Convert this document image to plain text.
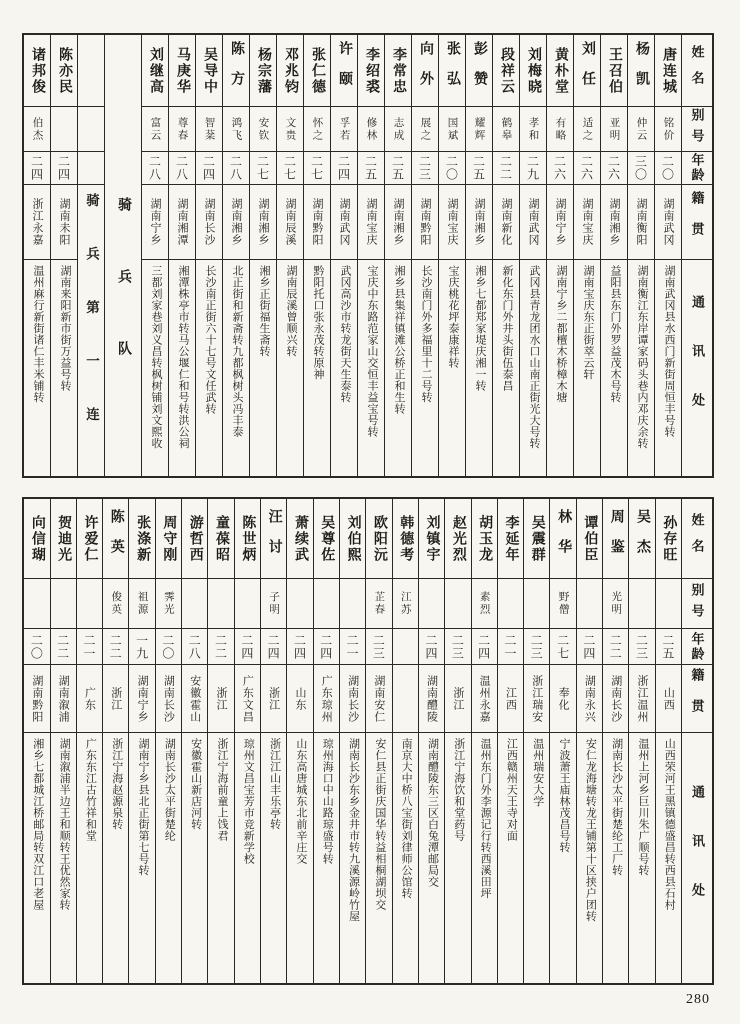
姓名
别号
年龄
籍贯
通讯处
唐连城
铭价
二〇
湖南武冈
湖南武冈县水西门新街周恒丰号转
杨凯
仲云
三〇
湖南衡阳
湖南衡江东岸谭家码头巷内邓庆余转
王召伯
亚明
二六
湖南湘乡
益阳县东门外罗益茂木号转
刘任
适之
二六
湖南宝庆
湖南宝庆东正街萃云轩
黄朴堂
有略
二六
湖南宁乡
湖南宁乡二都檀木桥樟木塘
刘梅晓
孝和
二九
湖南武冈
武冈县青龙团水口山南正街光大号转
段祥云
鹤皋
二二
湖南新化
新化东门外井头街伍泰昌
彭赞
耀辉
二五
湖南湘乡
湘乡七都郑家堤庆湘一转
张弘
国斌
二〇
湖南宝庆
宝庆桃花坪泰康祥转
向外
展之
二三
湖南黔阳
长沙南门外多福里十二号转
李常忠
志成
二五
湖南湘乡
湘乡县集祥镇滩公桥正和生转
李绍裘
修林
二五
湖南宝庆
宝庆中东路范家山交恒丰益宝号转
许颐
孚若
二四
湖南武冈
武冈高沙市转龙街天生泰转
张仁德
怀之
二七
湖南黔阳
黔阳托口张永茂转原神
邓兆钧
文贵
二七
湖南辰溪
湖南辰溪曾顺兴转
杨宗藩
安钦
二七
湖南湘乡
湘乡正街福生斋转
陈方
鸿飞
二八
湖南湘乡
北正街和新斋转九都枫树头冯丰泰
吴导中
智棻
二四
湖南长沙
长沙南正街六十七号文任武转
马庚华
尊春
二八
湖南湘潭
湘潭株亭市转马公堰仁和号转洪公祠
刘继高
富云
二八
湖南宁乡
三都刘家巷刘义昌转枫树铺刘文熙收
骑兵队
骑兵第一连
陈亦民
二四
湖南未阳
湖南来阳新市街万益号转
诸邦俊
伯杰
二四
浙江永嘉
温州麻行新街诸仁丰米铺转
姓名
别号
年龄
籍贯
通讯处
孙存旺
二五
山西
山西荣河王黑镇德盛昌转西县石村
吴杰
二三
浙江温州
温州上河乡巨川朱广顺号转
周鉴
光明
二二
湖南长沙
湖南长沙太平街楚纶工厂转
谭伯臣
二四
湖南永兴
安仁龙海塘转龙王铺第十区挟户团转
林华
野僧
二七
奉化
宁波萧王庙林茂昌号转
吴震群
二三
浙江瑞安
温州瑞安大学
李延年
二一
江西
江西赣州天王寺对面
胡玉龙
素烈
二四
温州永嘉
温州东门外李源记行转西溪田坪
赵光烈
二三
浙江
浙江宁海饮和堂药号
刘镇宇
二四
湖南醴陵
湖南醴陵东三区白兔潭邮局交
韩德考
江苏
南京大中桥八宝街刘律师公馆转
欧阳沅
芷春
二三
湖南安仁
安仁县正街庆国华转益相桐湖坝交
刘伯熙
二一
湖南长沙
湖南长沙东乡金井市转九溪源岭竹屋
吴尊佐
二四
广东琼州
琼州海口中山路琼盛号转
萧续武
二四
山东
山东高唐城东北前辛庄交
汪讨
子明
二四
浙江
浙江江山丰乐亭转
陈世炳
二四
广东文昌
琼州文昌宝芳市竞新学校
童葆昭
二二
浙江
浙江宁海前童上饯君
游哲西
二八
安徽霍山
安徽霍山新店河转
周守刚
霁光
二〇
湖南长沙
湖南长沙太平街楚纶
张涤新
祖源
一九
湖南宁乡
湖南宁乡县北正街第七号转
陈英
俊英
二二
浙江
浙江宁海赵源泉转
许爱仁
二一
广东
广东东江古竹祥和堂
贺迪光
二二
湖南溆浦
湖南溆浦半边王和顺转王优然家转
向信瑚
二〇
湖南黔阳
湘乡七都城江桥邮局转双江口老屋
280
